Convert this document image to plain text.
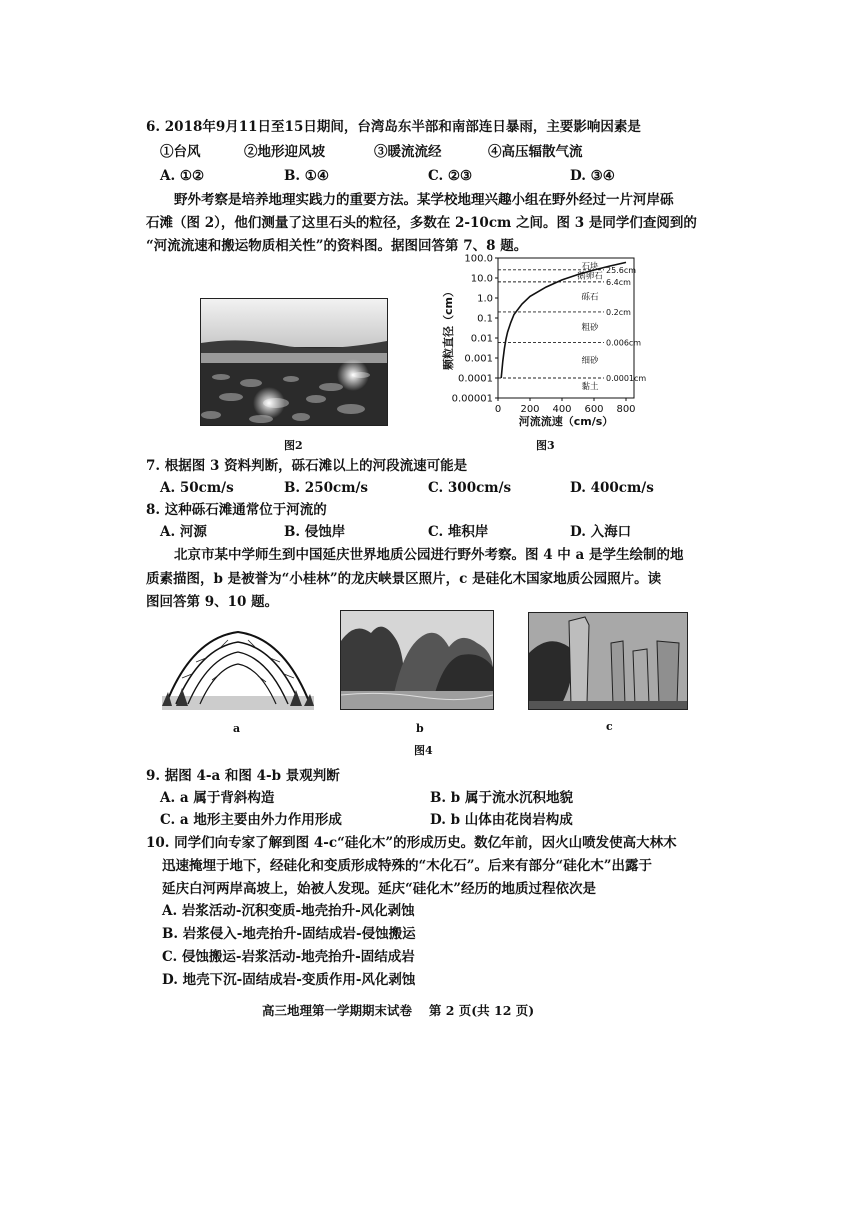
6. 2018年9月11日至15日期间，台湾岛东半部和南部连日暴雨，主要影响因素是
①台风	②地形迎风坡	③暖流流经	④高压辐散气流
A. ①②	B. ①④	C. ②③	D. ③④
野外考察是培养地理实践力的重要方法。某学校地理兴趣小组在野外经过一片河岸砾
石滩（图 2），他们测量了这里石头的粒径，多数在 2-10cm 之间。图 3 是同学们查阅到的
“河流流速和搬运物质相关性”的资料图。据图回答第 7、8 题。
图2
100.0
10.0
1.0
0.1
0.01
0.001
0.0001
0.00001
0 200 400 600 800
河流流速（cm/s）
颗粒直径（cm）
25.6cm
6.4cm
0.2cm
0.006cm
0.0001cm
石块
鹅卵石
砾石
粗砂
细砂
黏土
图3
7. 根据图 3 资料判断，砾石滩以上的河段流速可能是
A. 50cm/s	B. 250cm/s	C. 300cm/s	D. 400cm/s
8. 这种砾石滩通常位于河流的
A. 河源	B. 侵蚀岸	C. 堆积岸	D. 入海口
北京市某中学师生到中国延庆世界地质公园进行野外考察。图 4 中 a 是学生绘制的地
质素描图，b 是被誉为“小桂林”的龙庆峡景区照片，c 是硅化木国家地质公园照片。读
图回答第 9、10 题。
a	b	c
图4
9. 据图 4-a 和图 4-b 景观判断
A. a 属于背斜构造	B. b 属于流水沉积地貌
C. a 地形主要由外力作用形成	D. b 山体由花岗岩构成
10. 同学们向专家了解到图 4-c“硅化木”的形成历史。数亿年前，因火山喷发使高大林木
迅速掩埋于地下，经硅化和变质形成特殊的“木化石”。后来有部分“硅化木”出露于
延庆白河两岸高坡上，始被人发现。延庆“硅化木”经历的地质过程依次是
A. 岩浆活动-沉积变质-地壳抬升-风化剥蚀
B. 岩浆侵入-地壳抬升-固结成岩-侵蚀搬运
C. 侵蚀搬运-岩浆活动-地壳抬升-固结成岩
D. 地壳下沉-固结成岩-变质作用-风化剥蚀
高三地理第一学期期末试卷　 第 2 页(共 12 页)
